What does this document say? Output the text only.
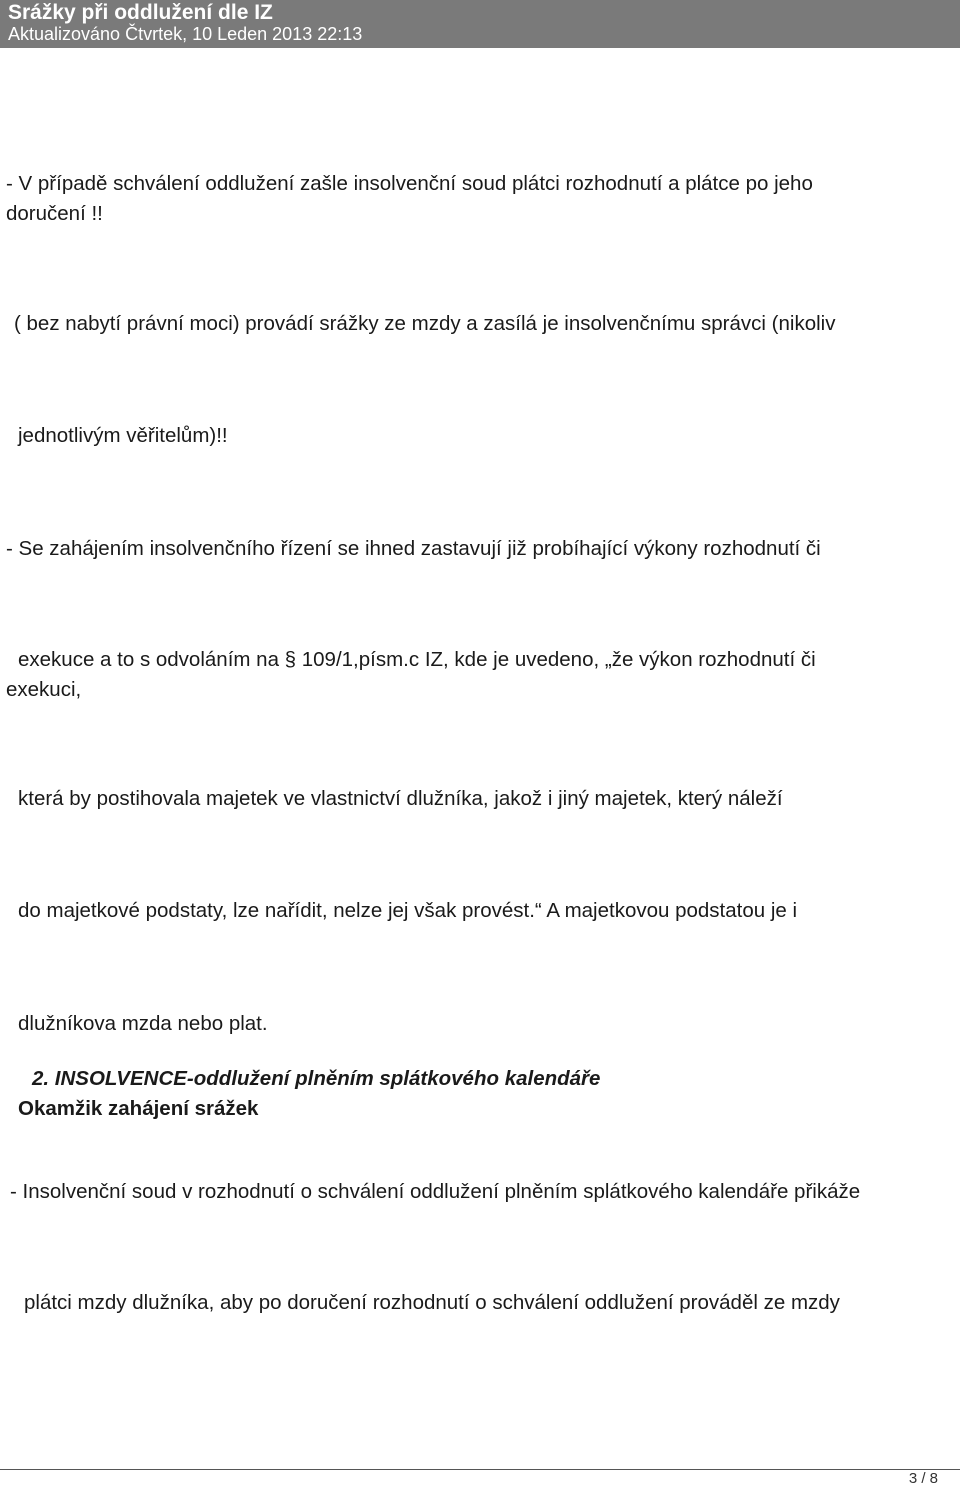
Srážky při oddlužení dle IZ
Aktualizováno Čtvrtek, 10 Leden 2013 22:13
- V případě schválení oddlužení zašle insolvenční soud plátci rozhodnutí a plátce po jeho
doručení !!
( bez nabytí právní moci) provádí srážky ze mzdy a zasílá je insolvenčnímu správci (nikoliv
jednotlivým věřitelům)!!
- Se zahájením insolvenčního řízení se ihned zastavují již probíhající výkony rozhodnutí či
exekuce a to s odvoláním na § 109/1,písm.c IZ, kde je uvedeno, „že výkon rozhodnutí či
exekuci,
která by postihovala majetek ve vlastnictví dlužníka, jakož i jiný majetek, který náleží
do majetkové podstaty, lze nařídit, nelze jej však provést.“ A majetkovou podstatou je i
dlužníkova mzda nebo plat.
2. INSOLVENCE-oddlužení plněním splátkového kalendáře
Okamžik zahájení srážek
- Insolvenční soud v rozhodnutí o schválení oddlužení plněním splátkového kalendáře přikáže
plátci mzdy dlužníka, aby po doručení rozhodnutí o schválení oddlužení prováděl ze mzdy
3 / 8
